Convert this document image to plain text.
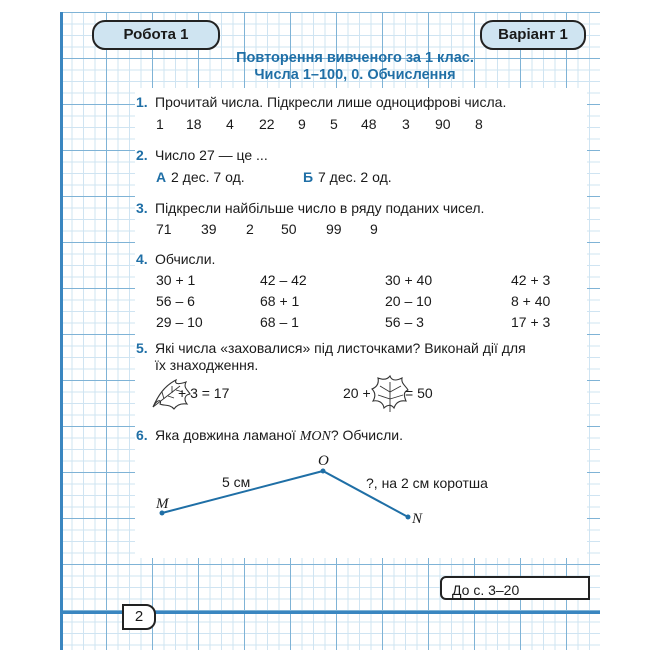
Робота 1	Варіант 1
Повторення вивченого за 1 клас.
Числа 1–100, 0. Обчислення
1. Прочитай числа. Підкресли лише одноцифрові числа.
1 18 4 22 9 5 48 3 90 8
2. Число 27 — це ...
А 2 дес. 7 од.	Б 7 дес. 2 од.
3. Підкресли найбільше число в ряду поданих чисел.
71 39 2 50 99 9
4. Обчисли.
30 + 1	42 – 42	30 + 40	42 + 3
56 – 6	68 + 1	20 – 10	8 + 40
29 – 10	68 – 1	56 – 3	17 + 3
5. Які числа «заховалися» під листочками? Виконай дії для
їх знаходження.
+ 3 = 17	20 + = 50
6. Яка довжина ламаної MON? Обчисли.
M
O
N
5 см	?, на 2 см коротша
До с. 3–20
2
